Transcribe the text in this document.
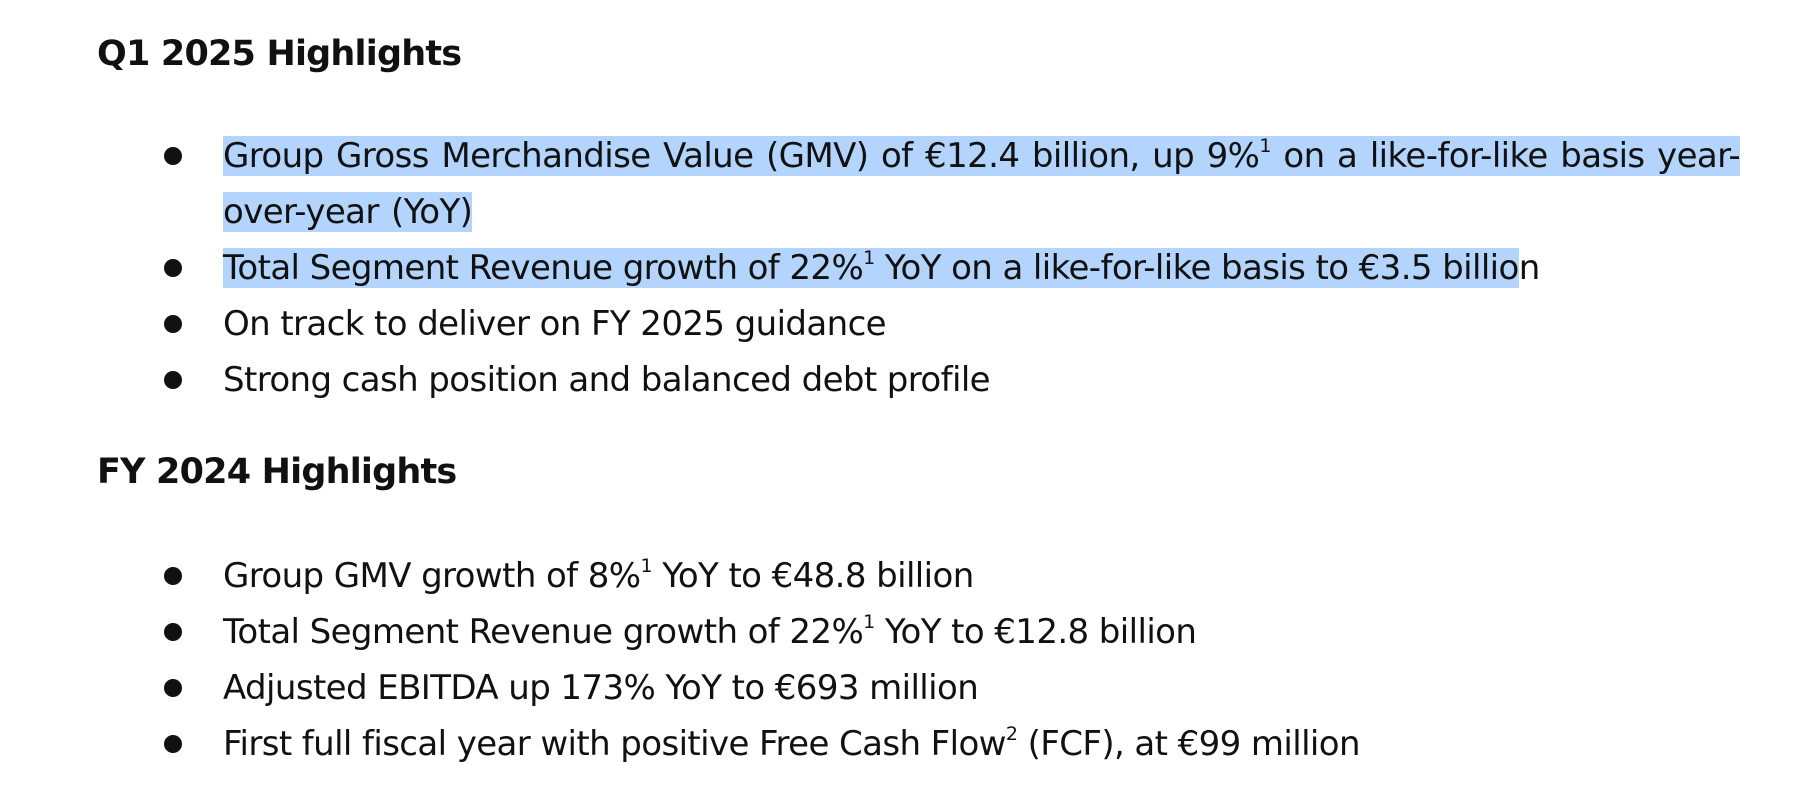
Q1 2025 Highlights
Group Gross Merchandise Value (GMV) of €12.4 billion, up 9%$^1$ on a like-for-like basis year-over-year (YoY)
Total Segment Revenue growth of 22%$^1$ YoY on a like-for-like basis to €3.5 billion
On track to deliver on FY 2025 guidance
Strong cash position and balanced debt profile
FY 2024 Highlights
Group GMV growth of 8%$^1$ YoY to €48.8 billion
Total Segment Revenue growth of 22%$^1$ YoY to €12.8 billion
Adjusted EBITDA up 173% YoY to €693 million
First full fiscal year with positive Free Cash Flow$^2$ (FCF), at €99 million
